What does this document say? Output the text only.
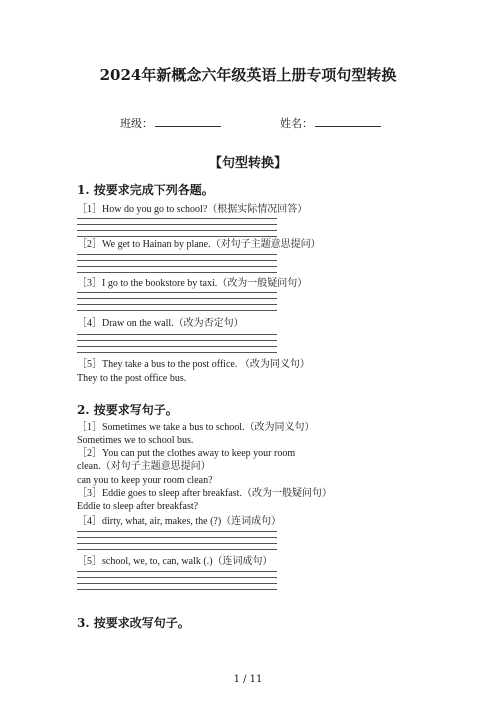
2024年新概念六年级英语上册专项句型转换
班级：	姓名：
【句型转换】
1. 按要求完成下列各题。
［1］How do you go to school?（根据实际情况回答）
［2］We get to Hainan by plane.（对句子主题意思提问）
［3］I go to the bookstore by taxi.（改为一般疑问句）
［4］Draw on the wall.（改为否定句）
［5］They take a bus to the post office. （改为同义句）
They to the post office bus.
2. 按要求写句子。
［1］Sometimes we take a bus to school.（改为同义句）
Sometimes we to school bus.
［2］You can put the clothes away to keep your room
clean.（对句子主题意思提问）
can you to keep your room clean?
［3］Eddie goes to sleep after breakfast.（改为一般疑问句）
Eddie to sleep after breakfast?
［4］dirty, what, air, makes, the (?)（连词成句）
［5］school, we, to, can, walk (.)（连词成句）
3. 按要求改写句子。
1 / 11
